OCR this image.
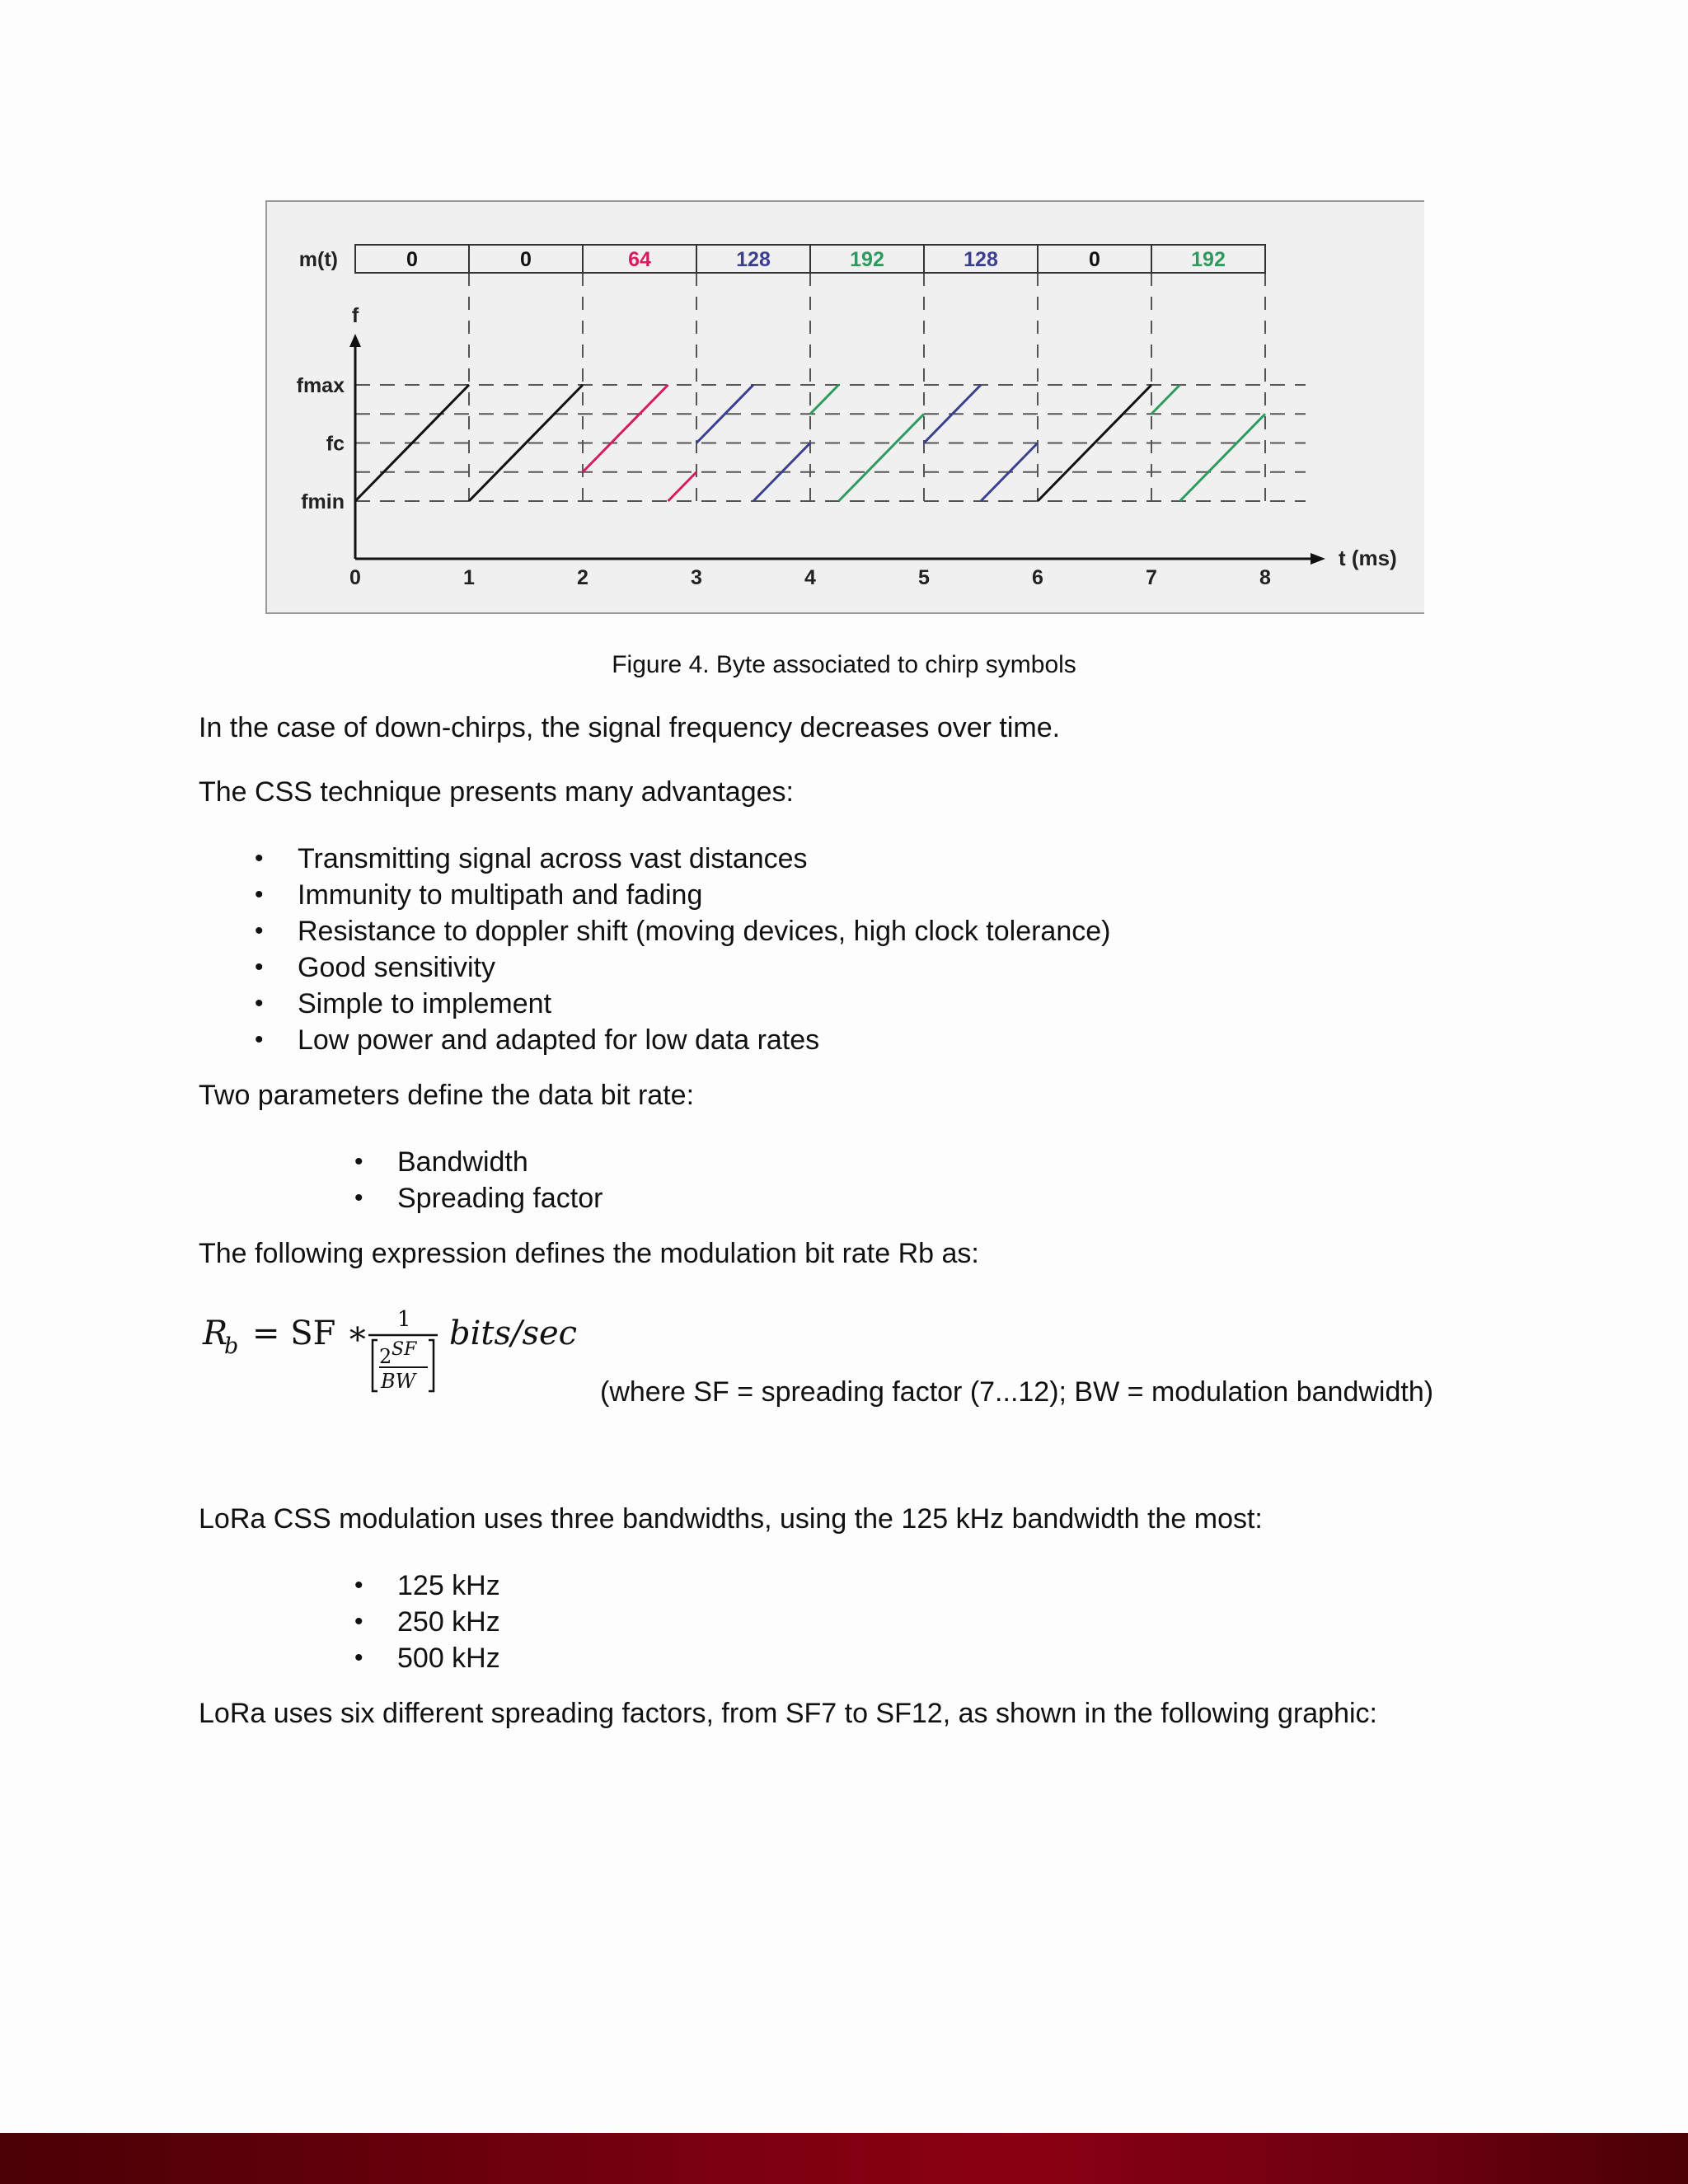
0	0	64	128	192	128	0	192
m(t)
f
fmax
fc
fmin
0	1	2	3	4	5	6	7	8
t (ms)
Figure 4. Byte associated to chirp symbols
In the case of down-chirps, the signal frequency decreases over time.
The CSS technique presents many advantages:
• Transmitting signal across vast distances
• Immunity to multipath and fading
• Resistance to doppler shift (moving devices, high clock tolerance)
• Good sensitivity
• Simple to implement
• Low power and adapted for low data rates
Two parameters define the data bit rate:
• Bandwidth
• Spreading factor
The following expression defines the modulation bit rate Rb as:
R
b = SF ∗ 1
2 SF
BW
bits/sec
(where SF = spreading factor (7...12); BW = modulation bandwidth)
LoRa CSS modulation uses three bandwidths, using the 125 kHz bandwidth the most:
• 125 kHz
• 250 kHz
• 500 kHz
LoRa uses six different spreading factors, from SF7 to SF12, as shown in the following graphic:
